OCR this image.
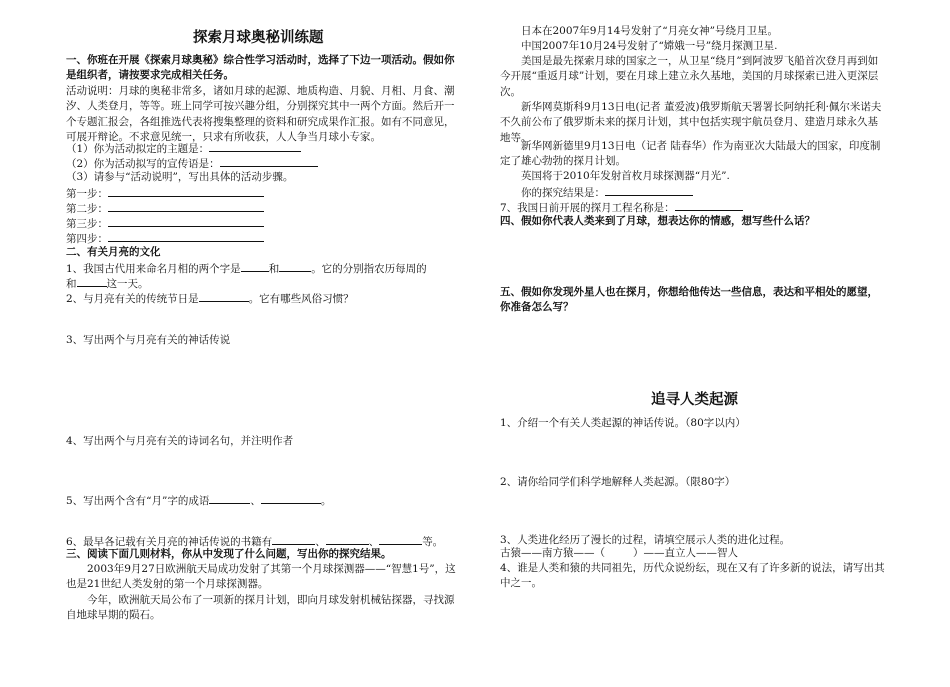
探索月球奥秘训练题
一、你班在开展《探索月球奥秘》综合性学习活动时，选择了下边一项活动。假如你是组织者，请按要求完成相关任务。
活动说明：月球的奥秘非常多，诸如月球的起源、地质构造、月貌、月相、月食、潮汐、人类登月，等等。班上同学可按兴趣分组，分别探究其中一两个方面。然后开一个专题汇报会，各组推选代表将搜集整理的资料和研究成果作汇报。如有不同意见，可展开辩论。不求意见统一，只求有所收获，人人争当月球小专家。
（1）你为活动拟定的主题是：
（2）你为活动拟写的宣传语是：
（3）请参与“活动说明”，写出具体的活动步骤。
第一步：
第二步：
第三步：
第四步：
二、有关月亮的文化
1、我国古代用来命名月相的两个字是	和	。它的分别指农历每周的
和	这一天。
2、与月亮有关的传统节日是	。它有哪些风俗习惯？
3、写出两个与月亮有关的神话传说
4、写出两个与月亮有关的诗词名句，并注明作者
5、写出两个含有“月”字的成语	、	。
6、最早各记载有关月亮的神话传说的书籍有	、	、	等。
三、阅读下面几则材料，你从中发现了什么问题，写出你的探究结果。
2003年9月27日欧洲航天局成功发射了其第一个月球探测器——“智慧1号”，这也是21世纪人类发射的第一个月球探测器。
今年，欧洲航天局公布了一项新的探月计划，即向月球发射机械钻探器，寻找源自地球早期的陨石。
日本在2007年9月14号发射了“月亮女神”号绕月卫星。
中国2007年10月24号发射了“嫦娥一号”绕月探测卫星.
美国是最先探索月球的国家之一，从卫星“绕月”到阿波罗飞船首次登月再到如今开展“重返月球”计划，要在月球上建立永久基地，美国的月球探索已进入更深层次。
新华网莫斯科9月13日电(记者 董爱波)俄罗斯航天署署长阿纳托利·佩尔米诺夫不久前公布了俄罗斯未来的探月计划，其中包括实现宇航员登月、建造月球永久基地等。
新华网新德里9月13日电（记者 陆春华）作为南亚次大陆最大的国家，印度制定了雄心勃勃的探月计划。
英国将于2010年发射首枚月球探测器“月光”.
你的探究结果是：
7、我国日前开展的探月工程名称是：
四、假如你代表人类来到了月球，想表达你的情感，想写些什么话？
五、假如你发现外星人也在探月，你想给他传达一些信息，表达和平相处的愿望，你准备怎么写？
追寻人类起源
1、介绍一个有关人类起源的神话传说。（80字以内）
2、请你给同学们科学地解释人类起源。（限80字）
3、人类进化经历了漫长的过程，请填空展示人类的进化过程。
古猿——南方猿——（	）——直立人——智人
4、谁是人类和猿的共同祖先，历代众说纷纭，现在又有了许多新的说法，请写出其中之一。
